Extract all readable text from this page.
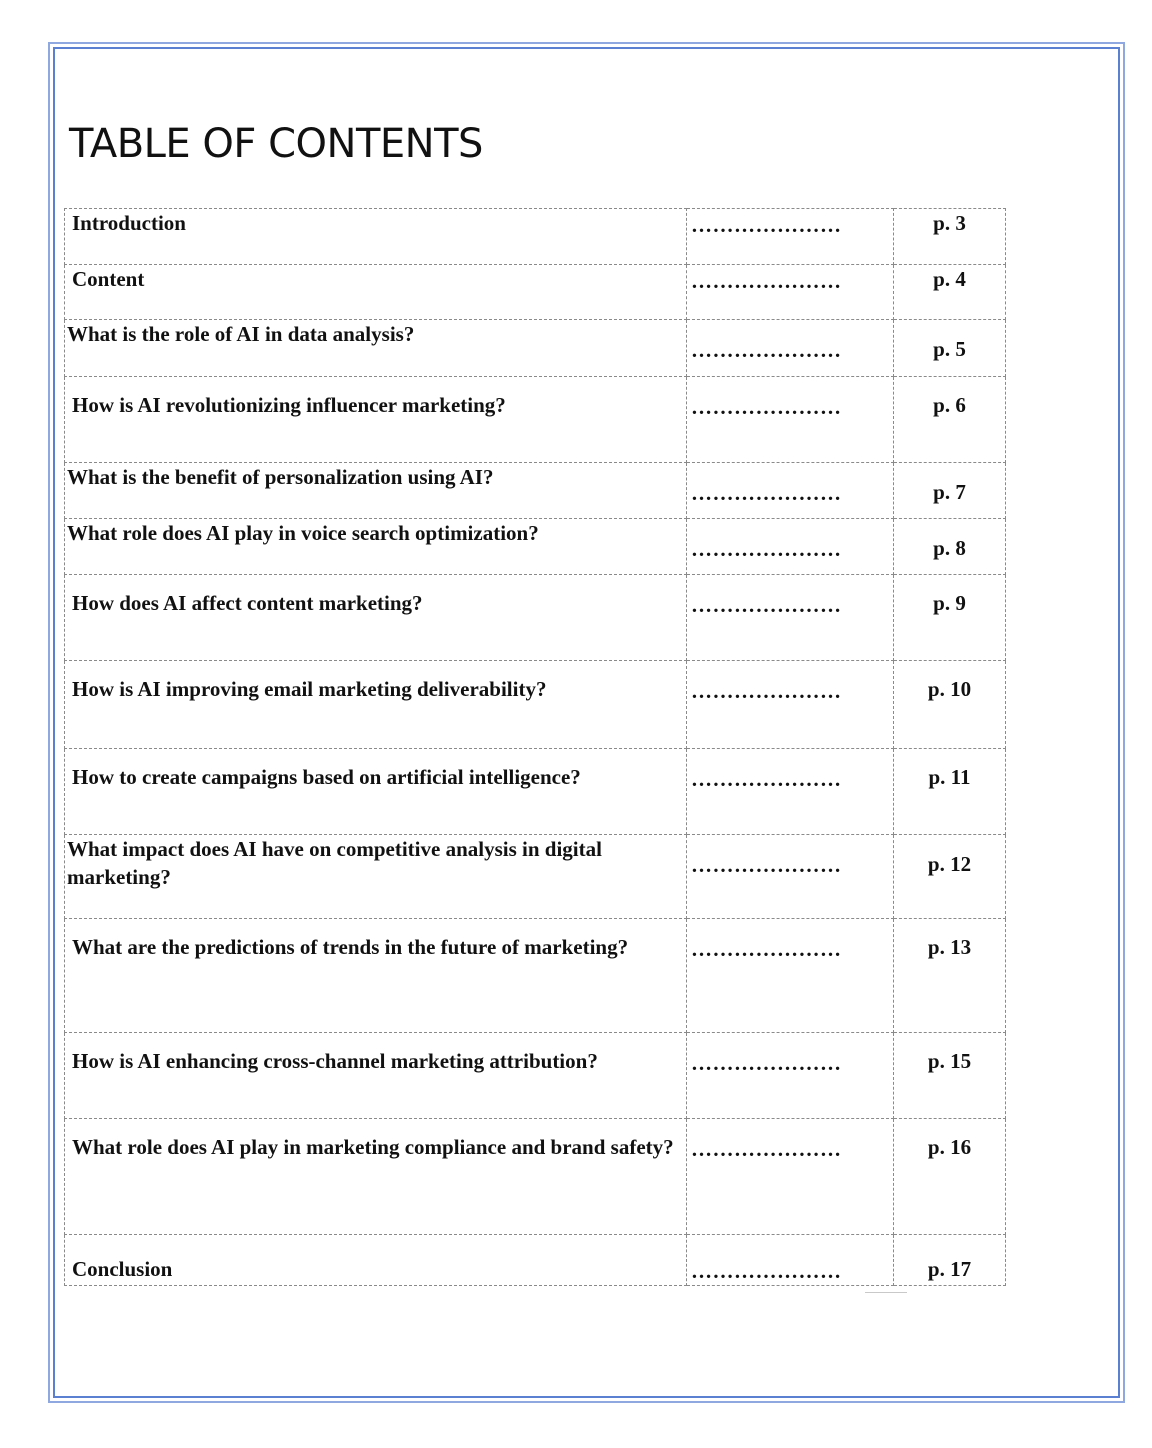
TABLE OF CONTENTS
Introduction	…………………	p. 3

Content	…………………	p. 4

What is the role of AI in data analysis?	…………………	p. 5

How is AI revolutionizing influencer marketing?	…………………	p. 6

What is the benefit of personalization using AI?	…………………	p. 7

What role does AI play in voice search optimization?	…………………	p. 8

How does AI affect content marketing?	…………………	p. 9

How is AI improving email marketing deliverability?	…………………	p. 10

How to create campaigns based on artificial intelligence?	…………………	p. 11

What impact does AI have on competitive analysis in digital marketing?	…………………	p. 12

What are the predictions of trends in the future of marketing?	…………………	p. 13

How is AI enhancing cross-channel marketing attribution?	…………………	p. 15

What role does AI play in marketing compliance and brand safety?	…………………	p. 16

Conclusion	…………………	p. 17
